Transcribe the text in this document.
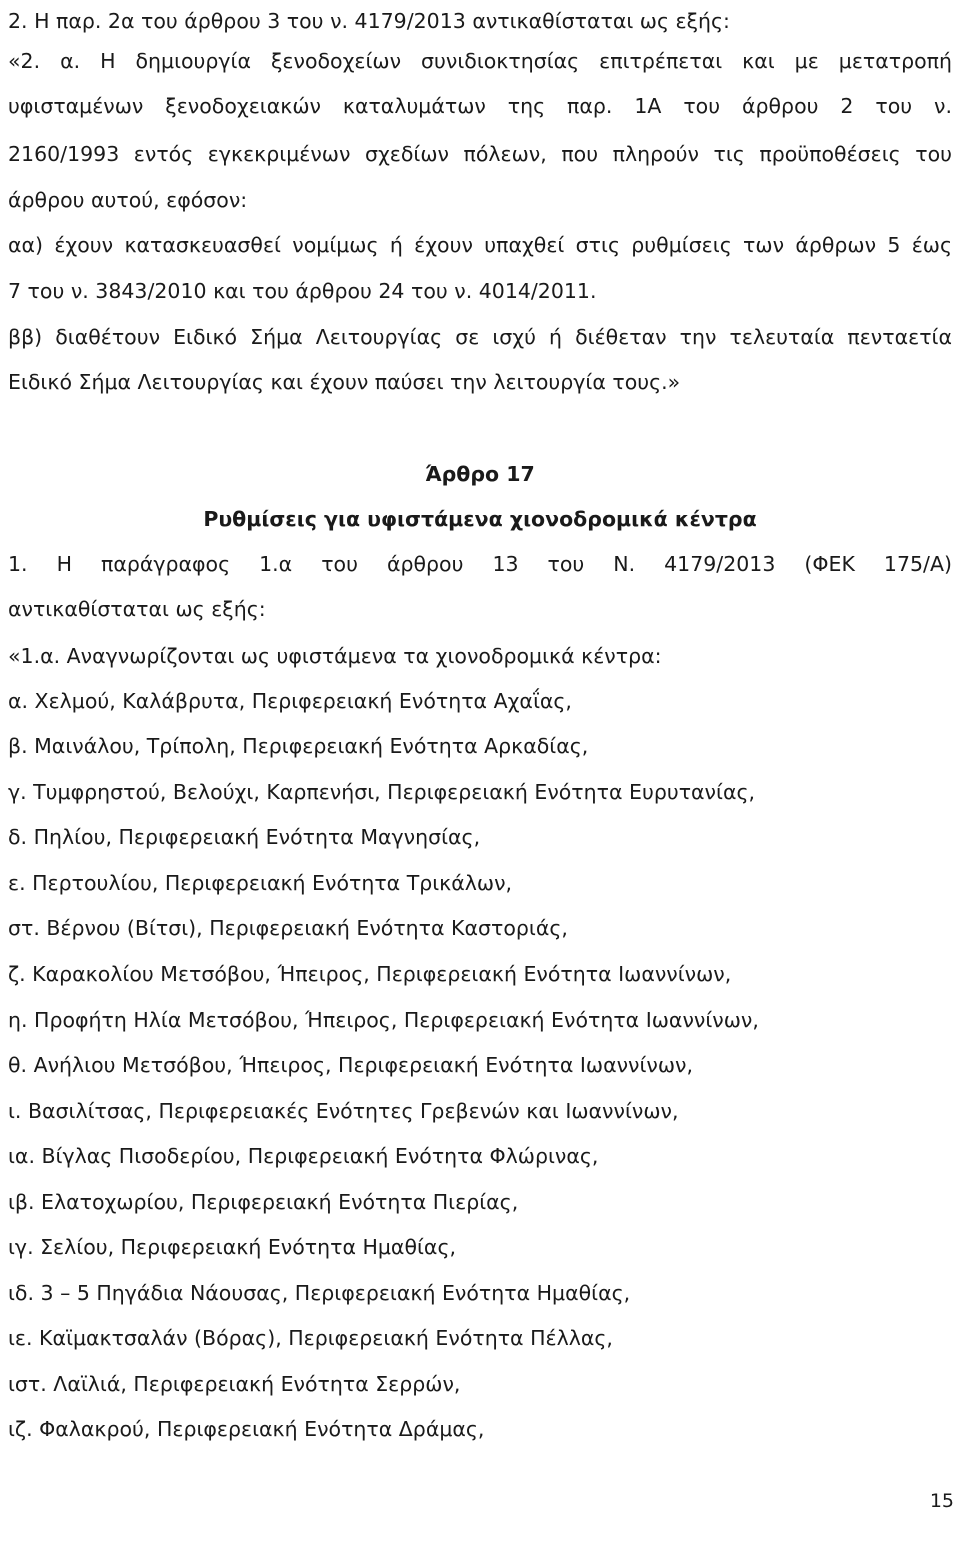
2. Η παρ. 2α του άρθρου 3 του ν. 4179/2013 αντικαθίσταται ως εξής:
«2. α. Η δημιουργία ξενοδοχείων συνιδιοκτησίας επιτρέπεται και με μετατροπή
υφισταμένων ξενοδοχειακών καταλυμάτων της παρ. 1Α του άρθρου 2 του ν.
2160/1993 εντός εγκεκριμένων σχεδίων πόλεων, που πληρούν τις προϋποθέσεις του
άρθρου αυτού, εφόσον:
αα) έχουν κατασκευασθεί νομίμως ή έχουν υπαχθεί στις ρυθμίσεις των άρθρων 5 έως
7 του ν. 3843/2010 και του άρθρου 24 του ν. 4014/2011.
ββ) διαθέτουν Ειδικό Σήμα Λειτουργίας σε ισχύ ή διέθεταν την τελευταία πενταετία
Ειδικό Σήμα Λειτουργίας και έχουν παύσει την λειτουργία τους.»
Άρθρο 17
Ρυθμίσεις για υφιστάμενα χιονοδρομικά κέντρα
1. Η παράγραφος 1.α του άρθρου 13 του Ν. 4179/2013 (ΦΕΚ 175/Α)
αντικαθίσταται ως εξής:
«1.α. Αναγνωρίζονται ως υφιστάμενα τα χιονοδρομικά κέντρα:
α. Χελμού, Καλάβρυτα, Περιφερειακή Ενότητα Αχαΐας,
β. Μαινάλου, Τρίπολη, Περιφερειακή Ενότητα Αρκαδίας,
γ. Τυμφρηστού, Βελούχι, Καρπενήσι, Περιφερειακή Ενότητα Ευρυτανίας,
δ. Πηλίου, Περιφερειακή Ενότητα Μαγνησίας,
ε. Περτουλίου, Περιφερειακή Ενότητα Τρικάλων,
στ. Βέρνου (Βίτσι), Περιφερειακή Ενότητα Καστοριάς,
ζ. Καρακολίου Μετσόβου, Ήπειρος, Περιφερειακή Ενότητα Ιωαννίνων,
η. Προφήτη Ηλία Μετσόβου, Ήπειρος, Περιφερειακή Ενότητα Ιωαννίνων,
θ. Ανήλιου Μετσόβου, Ήπειρος, Περιφερειακή Ενότητα Ιωαννίνων,
ι. Βασιλίτσας, Περιφερειακές Ενότητες Γρεβενών και Ιωαννίνων,
ια. Βίγλας Πισοδερίου, Περιφερειακή Ενότητα Φλώρινας,
ιβ. Ελατοχωρίου, Περιφερειακή Ενότητα Πιερίας,
ιγ. Σελίου, Περιφερειακή Ενότητα Ημαθίας,
ιδ. 3 – 5 Πηγάδια Νάουσας, Περιφερειακή Ενότητα Ημαθίας,
ιε. Καϊμακτσαλάν (Βόρας), Περιφερειακή Ενότητα Πέλλας,
ιστ. Λαϊλιά, Περιφερειακή Ενότητα Σερρών,
ιζ. Φαλακρού, Περιφερειακή Ενότητα Δράμας,
15
